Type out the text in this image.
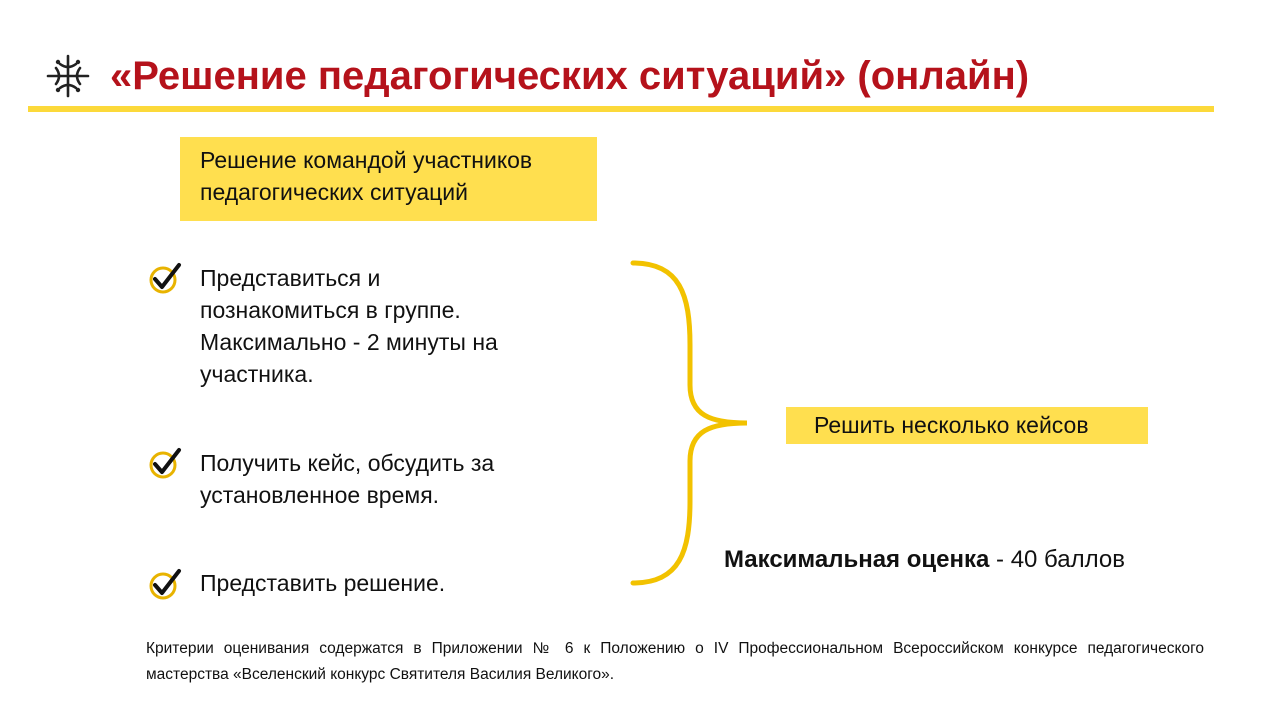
«Решение педагогических ситуаций» (онлайн)
Решение командой участников
педагогических ситуаций
Представиться и
познакомиться в группе.
Максимально - 2 минуты на
участника.
Получить кейс, обсудить за
установленное время.
Представить решение.
Решить несколько кейсов
Максимальная оценка - 40 баллов
Критерии оценивания содержатся в Приложении № 6 к Положению о IV Профессиональном Всероссийском конкурсе педагогического мастерства «Вселенский конкурс Святителя Василия Великого».
